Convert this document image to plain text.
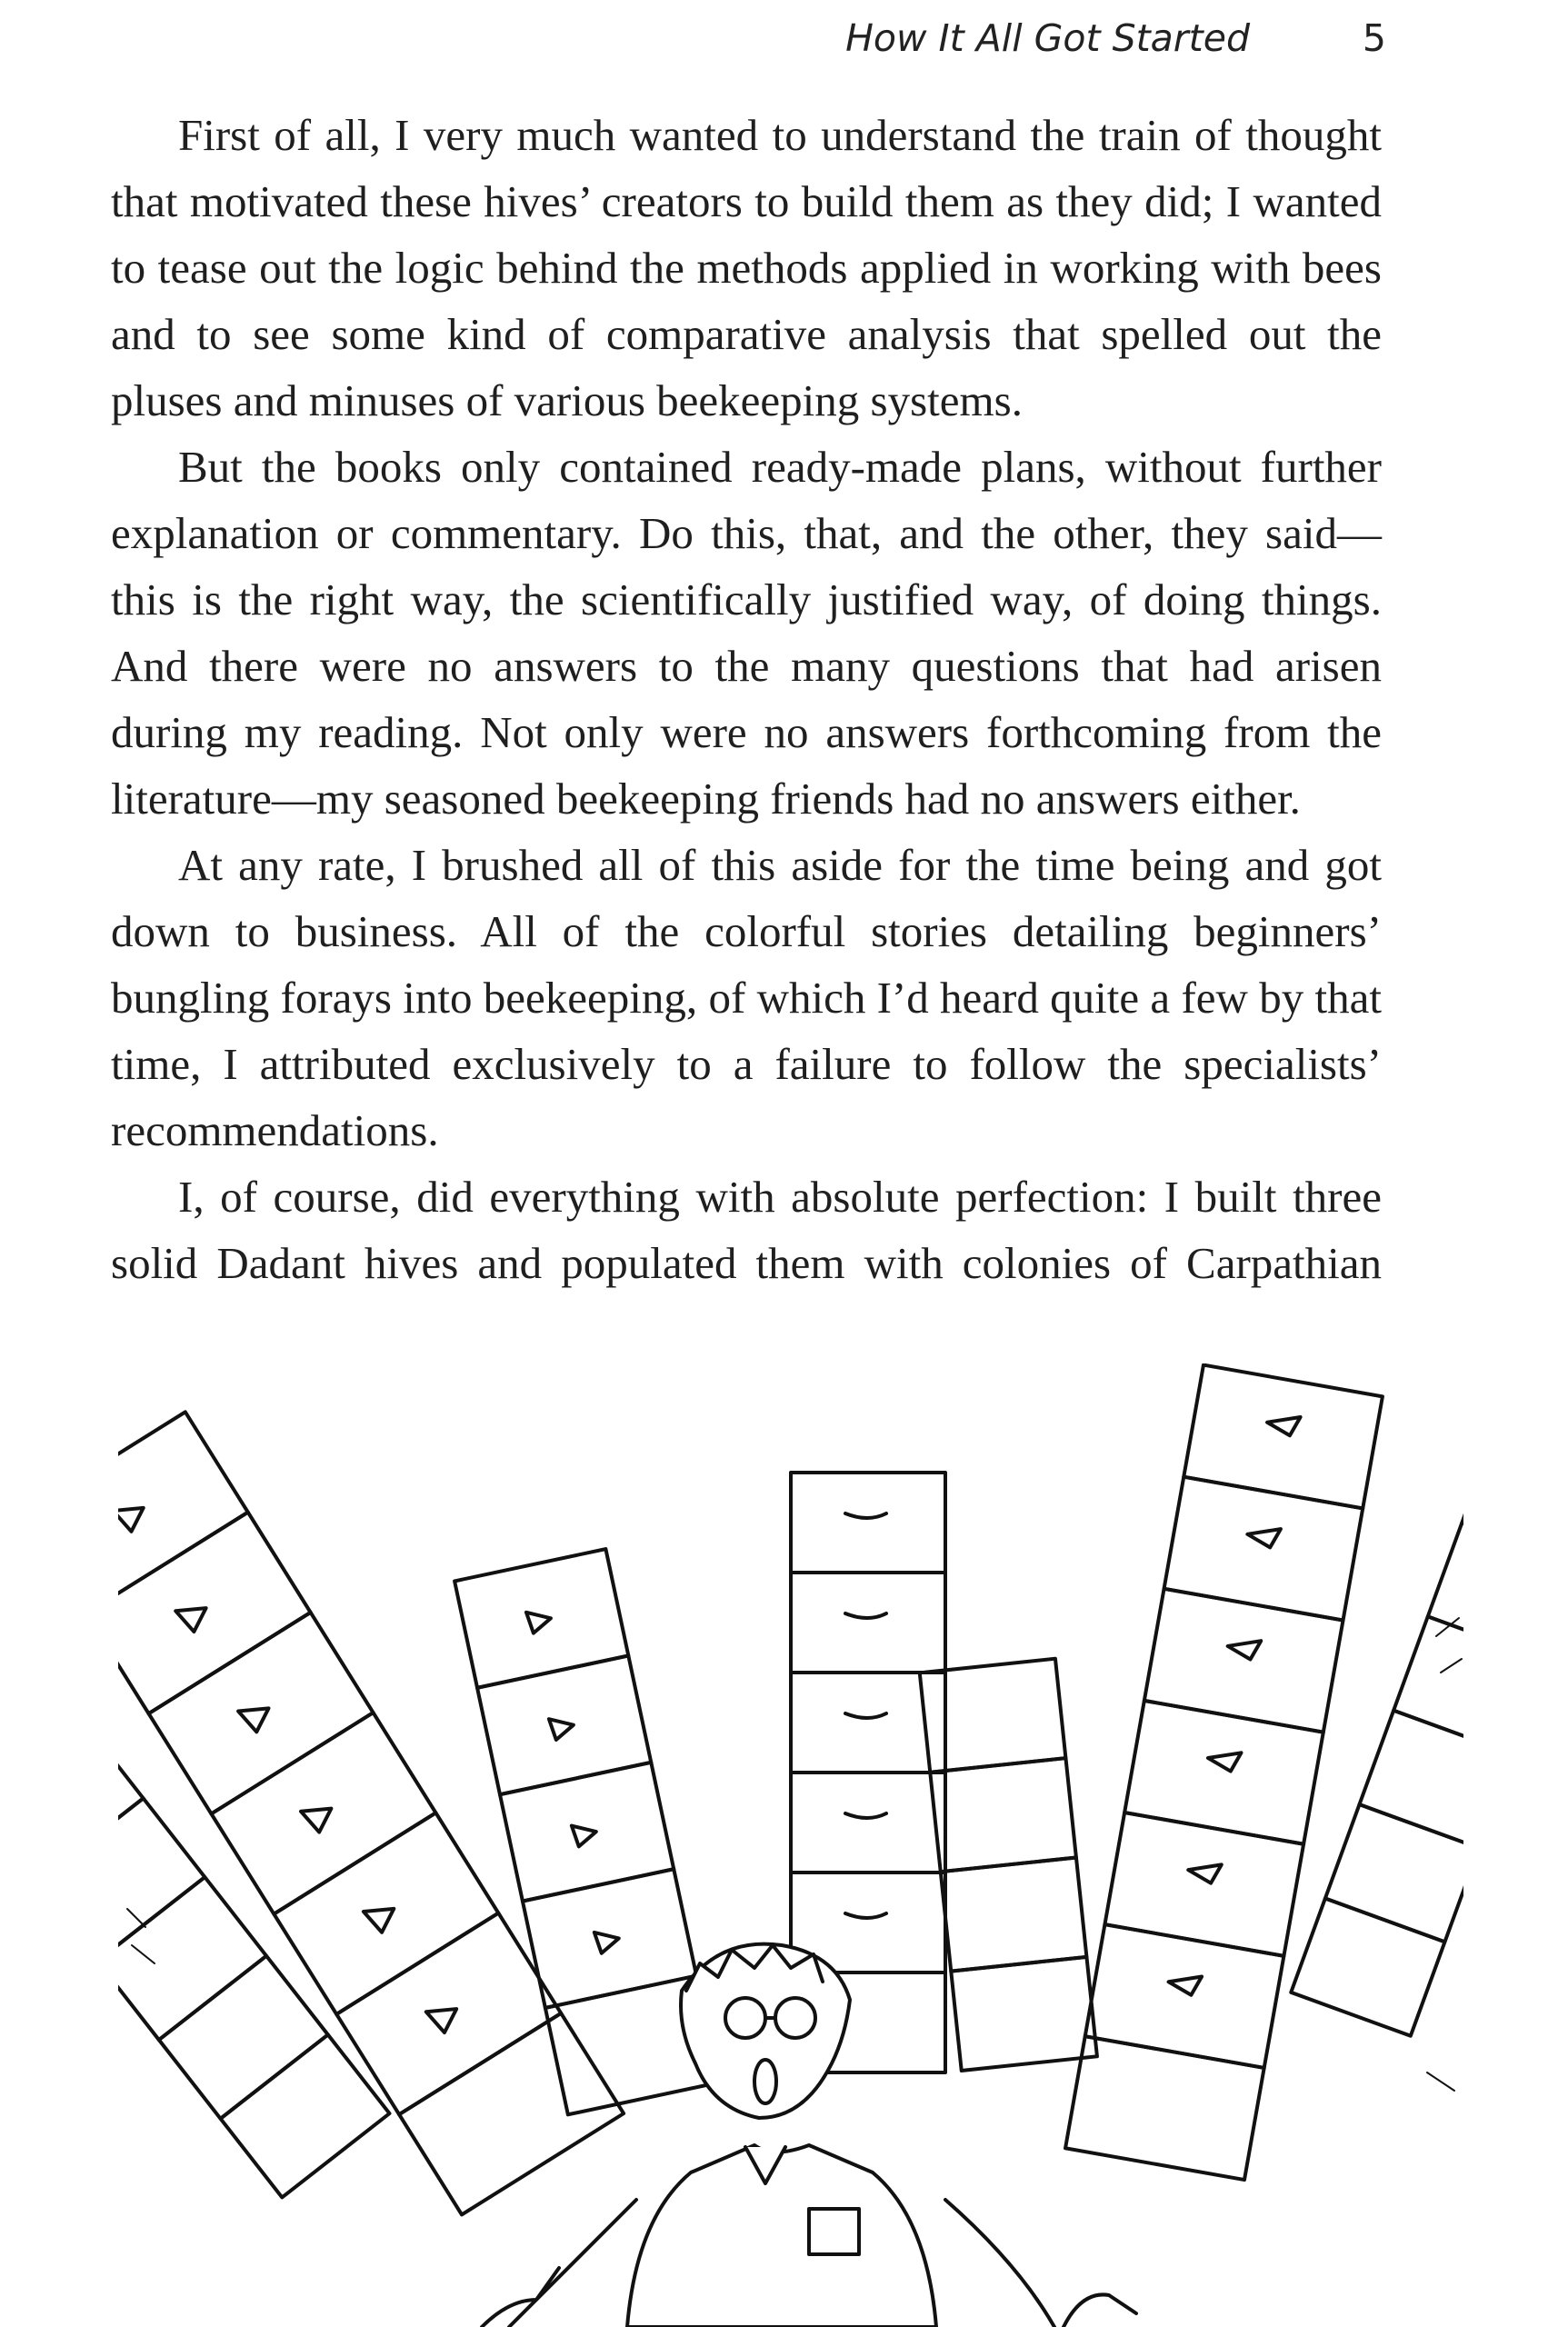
How It All Got Started	5

First of all, I very much wanted to understand the train of thought that motivated these hives’ creators to build them as they did; I wanted to tease out the logic behind the methods applied in working with bees and to see some kind of comparative analysis that spelled out the pluses and minuses of various beekeeping systems.

But the books only contained ready-made plans, without further explanation or commentary. Do this, that, and the other, they said—this is the right way, the scientifically justified way, of doing things. And there were no answers to the many questions that had arisen during my reading. Not only were no answers forthcoming from the literature—my seasoned beekeeping friends had no answers either.

At any rate, I brushed all of this aside for the time being and got down to business. All of the colorful stories detailing beginners’ bungling forays into beekeeping, of which I’d heard quite a few by that time, I attributed exclusively to a failure to follow the specialists’ recommendations.

I, of course, did everything with absolute perfection: I built three solid Dadant hives and populated them with colonies of Carpathian
